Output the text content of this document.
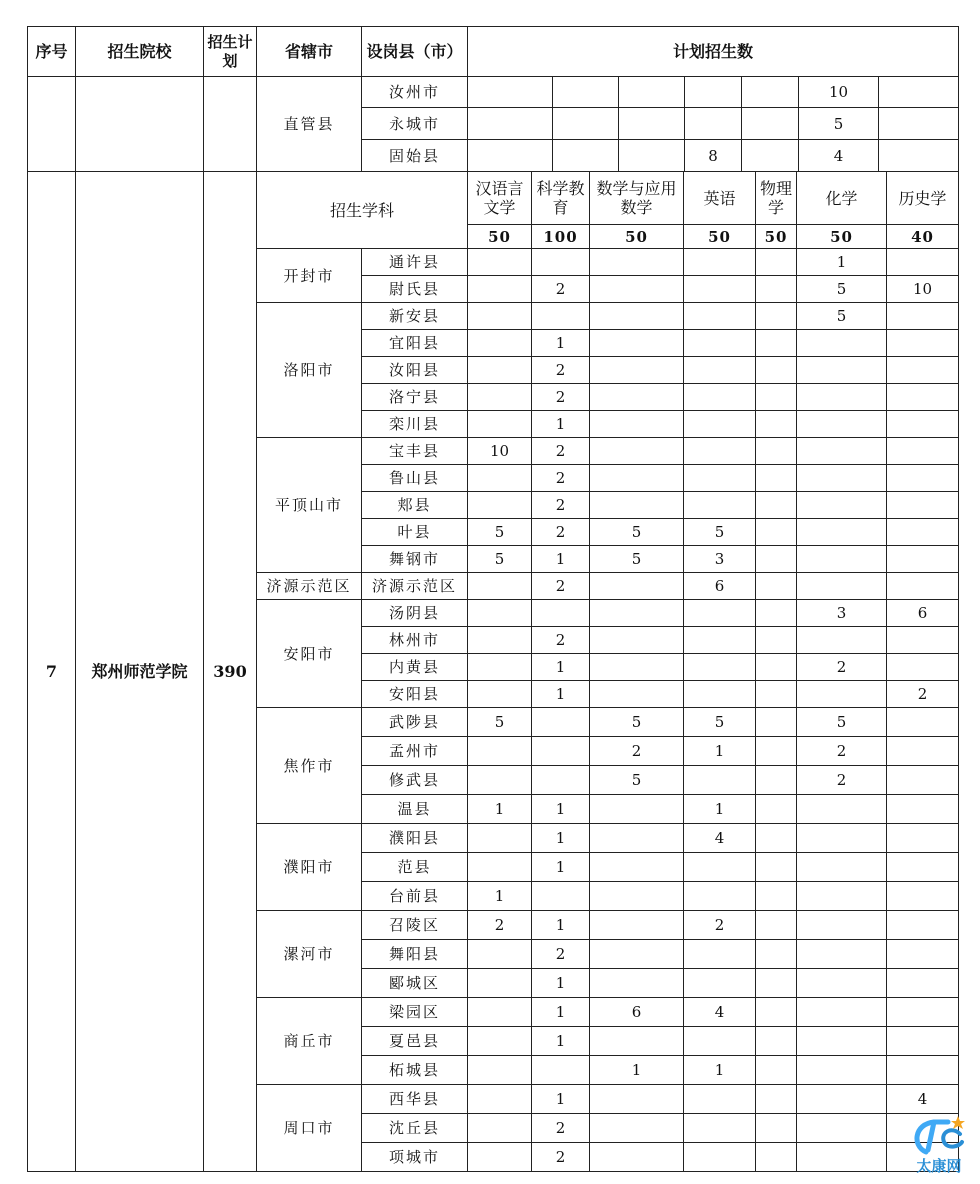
序号	招生院校	招生计划	省辖市	设岗县（市）	计划招生数						
			直管县	汝州市						10	
				永城市						5	
				固始县				8		4	
7	郑州师范学院	390	招生学科		汉语言文学	科学教育	数学与应用数学	英语	物理学	化学	历史学
					50	100	50	50	50	50	40
			开封市	通许县						1	
				尉氏县		2				5	10
			洛阳市	新安县						5	
				宜阳县		1					
				汝阳县		2					
				洛宁县		2					
				栾川县		1					
			平顶山市	宝丰县	10	2					
				鲁山县		2					
				郏县		2					
				叶县	5	2	5	5			
				舞钢市	5	1	5	3			
			济源示范区	济源示范区		2		6			
			安阳市	汤阴县						3	6
				林州市		2					
				内黄县		1				2	
				安阳县		1					2
			焦作市	武陟县	5		5	5		5	
				孟州市			2	1		2	
				修武县			5			2	
				温县	1	1		1			
			濮阳市	濮阳县		1		4			
				范县		1					
				台前县	1						
			漯河市	召陵区	2	1		2			
				舞阳县		2					
				郾城区		1					
			商丘市	梁园区		1	6	4			
				夏邑县		1					
				柘城县			1	1			
			周口市	西华县		1					4
				沈丘县		2					
				项城市		2						太康网
